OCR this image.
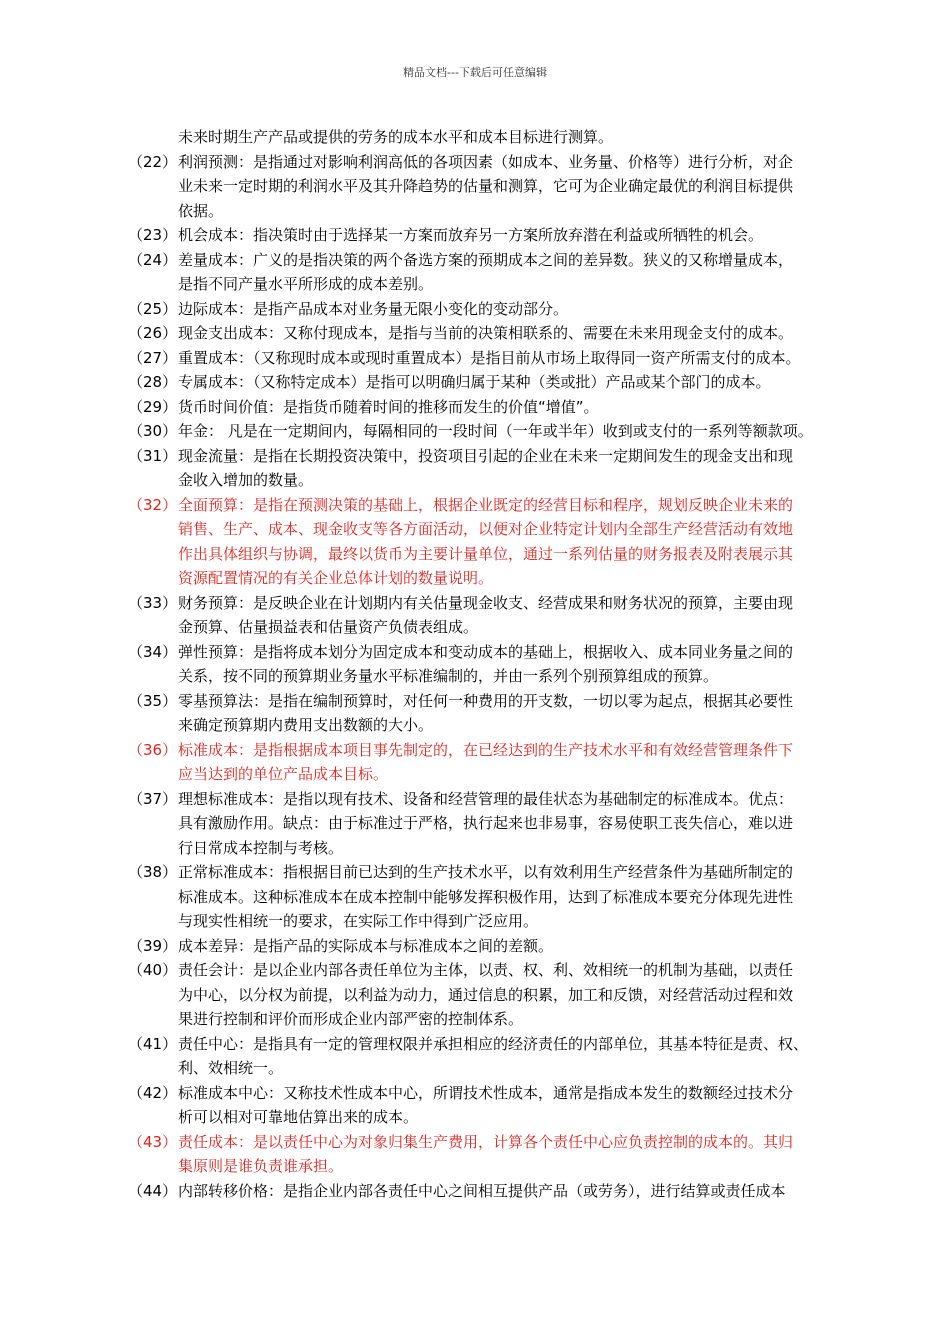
精品文档---下载后可任意编辑
未来时期生产产品或提供的劳务的成本水平和成本目标进行测算。
（22） 利润预测：是指通过对影响利润高低的各项因素（如成本、业务量、价格等）进行分析，对企
业未来一定时期的利润水平及其升降趋势的估量和测算，它可为企业确定最优的利润目标提供
依据。
（23） 机会成本：指决策时由于选择某一方案而放弃另一方案所放弃潜在利益或所牺牲的机会。
（24） 差量成本：广义的是指决策的两个备选方案的预期成本之间的差异数。狭义的又称增量成本，
是指不同产量水平所形成的成本差别。
（25） 边际成本：是指产品成本对业务量无限小变化的变动部分。
（26） 现金支出成本：又称付现成本，是指与当前的决策相联系的、需要在未来用现金支付的成本。
（27） 重置成本：（又称现时成本或现时重置成本）是指目前从市场上取得同一资产所需支付的成本。
（28） 专属成本：（又称特定成本）是指可以明确归属于某种（类或批）产品或某个部门的成本。
（29） 货币时间价值：是指货币随着时间的推移而发生的价值“增值”。
（30） 年金： 凡是在一定期间内，每隔相同的一段时间（一年或半年）收到或支付的一系列等额款项。
（31） 现金流量：是指在长期投资决策中，投资项目引起的企业在未来一定期间发生的现金支出和现
金收入增加的数量。
（32） 全面预算：是指在预测决策的基础上，根据企业既定的经营目标和程序，规划反映企业未来的
销售、生产、成本、现金收支等各方面活动，以便对企业特定计划内全部生产经营活动有效地
作出具体组织与协调，最终以货币为主要计量单位，通过一系列估量的财务报表及附表展示其
资源配置情况的有关企业总体计划的数量说明。
（33） 财务预算：是反映企业在计划期内有关估量现金收支、经营成果和财务状况的预算，主要由现
金预算、估量损益表和估量资产负债表组成。
（34） 弹性预算：是指将成本划分为固定成本和变动成本的基础上，根据收入、成本同业务量之间的
关系，按不同的预算期业务量水平标准编制的，并由一系列个别预算组成的预算。
（35） 零基预算法：是指在编制预算时，对任何一种费用的开支数，一切以零为起点，根据其必要性
来确定预算期内费用支出数额的大小。
（36） 标准成本：是指根据成本项目事先制定的，在已经达到的生产技术水平和有效经营管理条件下
应当达到的单位产品成本目标。
（37） 理想标准成本：是指以现有技术、设备和经营管理的最佳状态为基础制定的标准成本。优点：
具有激励作用。缺点：由于标准过于严格，执行起来也非易事，容易使职工丧失信心，难以进
行日常成本控制与考核。
（38） 正常标准成本：指根据目前已达到的生产技术水平，以有效利用生产经营条件为基础所制定的
标准成本。这种标准成本在成本控制中能够发挥积极作用，达到了标准成本要充分体现先进性
与现实性相统一的要求，在实际工作中得到广泛应用。
（39） 成本差异：是指产品的实际成本与标准成本之间的差额。
（40） 责任会计：是以企业内部各责任单位为主体，以责、权、利、效相统一的机制为基础，以责任
为中心，以分权为前提，以利益为动力，通过信息的积累，加工和反馈，对经营活动过程和效
果进行控制和评价而形成企业内部严密的控制体系。
（41） 责任中心：是指具有一定的管理权限并承担相应的经济责任的内部单位，其基本特征是责、权、
利、效相统一。
（42） 标准成本中心：又称技术性成本中心，所谓技术性成本，通常是指成本发生的数额经过技术分
析可以相对可靠地估算出来的成本。
（43） 责任成本：是以责任中心为对象归集生产费用，计算各个责任中心应负责控制的成本的。其归
集原则是谁负责谁承担。
（44） 内部转移价格：是指企业内部各责任中心之间相互提供产品（或劳务），进行结算或责任成本
